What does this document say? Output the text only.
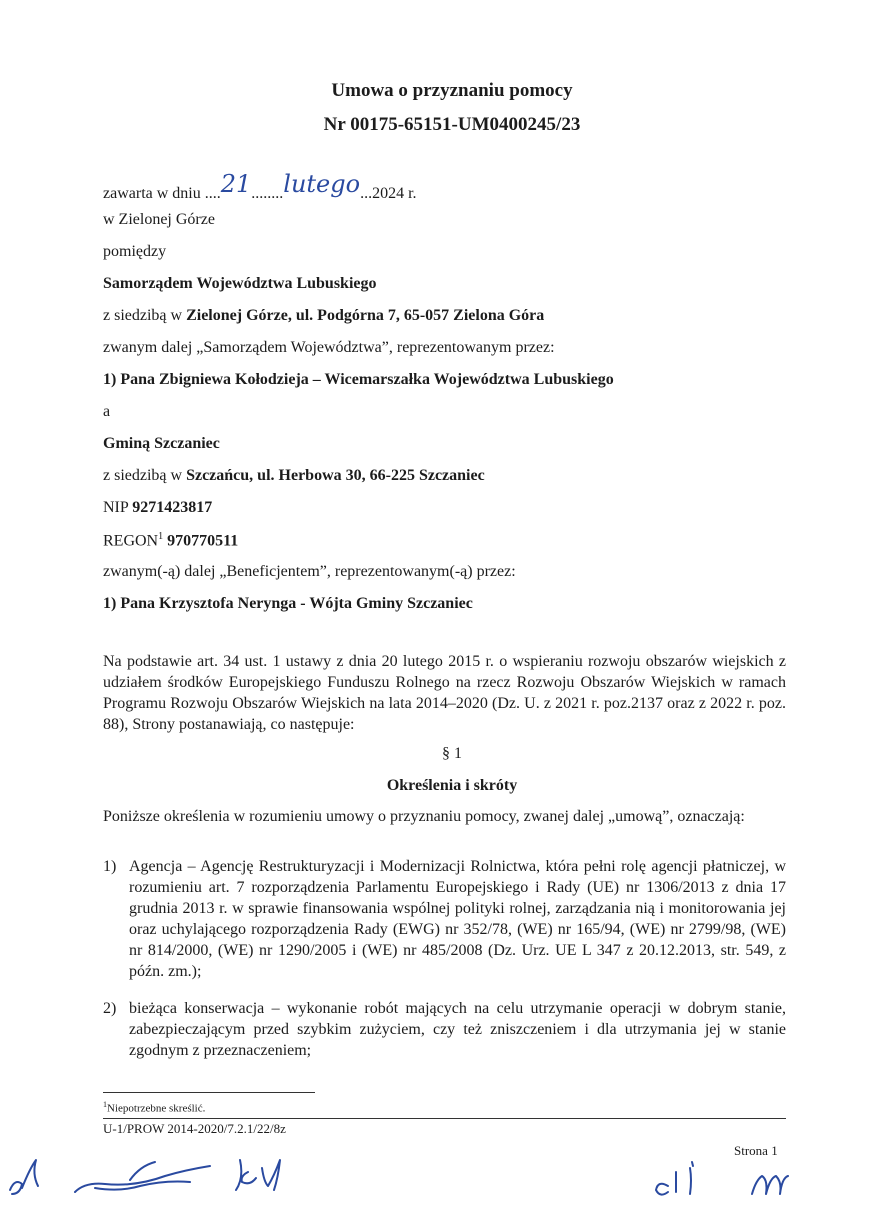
Umowa o przyznaniu pomocy
Nr 00175-65151-UM0400245/23
zawarta w dniu ....21........lutego...2024 r.
w Zielonej Górze
pomiędzy
Samorządem Województwa Lubuskiego
z siedzibą w Zielonej Górze, ul. Podgórna 7, 65-057 Zielona Góra
zwanym dalej „Samorządem Województwa”, reprezentowanym przez:
1) Pana Zbigniewa Kołodzieja – Wicemarszałka Województwa Lubuskiego
a
Gminą Szczaniec
z siedzibą w Szczańcu, ul. Herbowa 30, 66-225 Szczaniec
NIP 9271423817
REGON$^1$ 970770511
zwanym(-ą) dalej „Beneficjentem”, reprezentowanym(-ą) przez:
1) Pana Krzysztofa Nerynga - Wójta Gminy Szczaniec
Na podstawie art. 34 ust. 1 ustawy z dnia 20 lutego 2015 r. o wspieraniu rozwoju obszarów wiejskich z udziałem środków Europejskiego Funduszu Rolnego na rzecz Rozwoju Obszarów Wiejskich w ramach Programu Rozwoju Obszarów Wiejskich na lata 2014–2020 (Dz. U. z 2021 r. poz.2137 oraz z 2022 r. poz. 88), Strony postanawiają, co następuje:
§ 1
Określenia i skróty
Poniższe określenia w rozumieniu umowy o przyznaniu pomocy, zwanej dalej „umową”, oznaczają:
1) Agencja – Agencję Restrukturyzacji i Modernizacji Rolnictwa, która pełni rolę agencji płatniczej, w rozumieniu art. 7 rozporządzenia Parlamentu Europejskiego i Rady (UE) nr 1306/2013 z dnia 17 grudnia 2013 r. w sprawie finansowania wspólnej polityki rolnej, zarządzania nią i monitorowania jej oraz uchylającego rozporządzenia Rady (EWG) nr 352/78, (WE) nr 165/94, (WE) nr 2799/98, (WE) nr 814/2000, (WE) nr 1290/2005 i (WE) nr 485/2008 (Dz. Urz. UE L 347 z 20.12.2013, str. 549, z późn. zm.);
2) bieżąca konserwacja – wykonanie robót mających na celu utrzymanie operacji w dobrym stanie, zabezpieczającym przed szybkim zużyciem, czy też zniszczeniem i dla utrzymania jej w stanie zgodnym z przeznaczeniem;
$^1$Niepotrzebne skreślić.
U-1/PROW 2014-2020/7.2.1/22/8z
Strona 1
